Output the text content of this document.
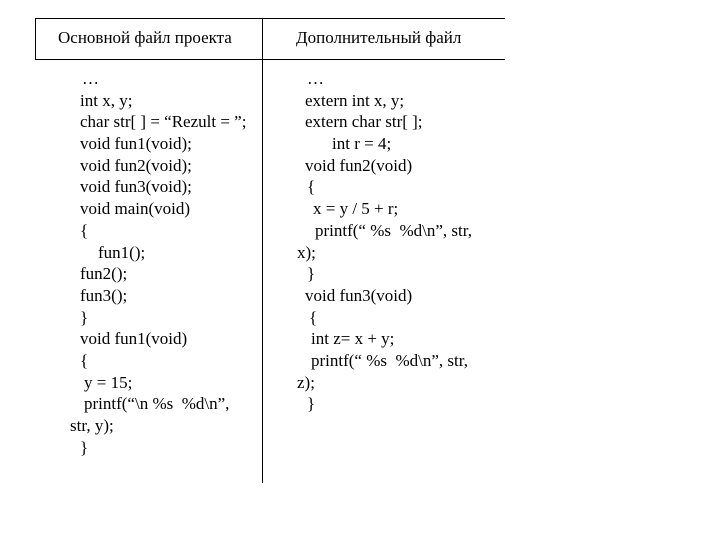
Основной файл проекта	Дополнительный файл
…
int x, y;
char str[ ] = “Rezult = ”;
void fun1(void);
void fun2(void);
void fun3(void);
void main(void)
{
fun1();
fun2();
fun3();
}
void fun1(void)
{
y = 15;
printf(“\n %s  %d\n”,
str, y);
}
…
extern int x, y;
extern char str[ ];
int r = 4;
void fun2(void)
{
x = y / 5 + r;
printf(“ %s  %d\n”, str,
x);
}
void fun3(void)
{
int z= x + y;
printf(“ %s  %d\n”, str,
z);
}
